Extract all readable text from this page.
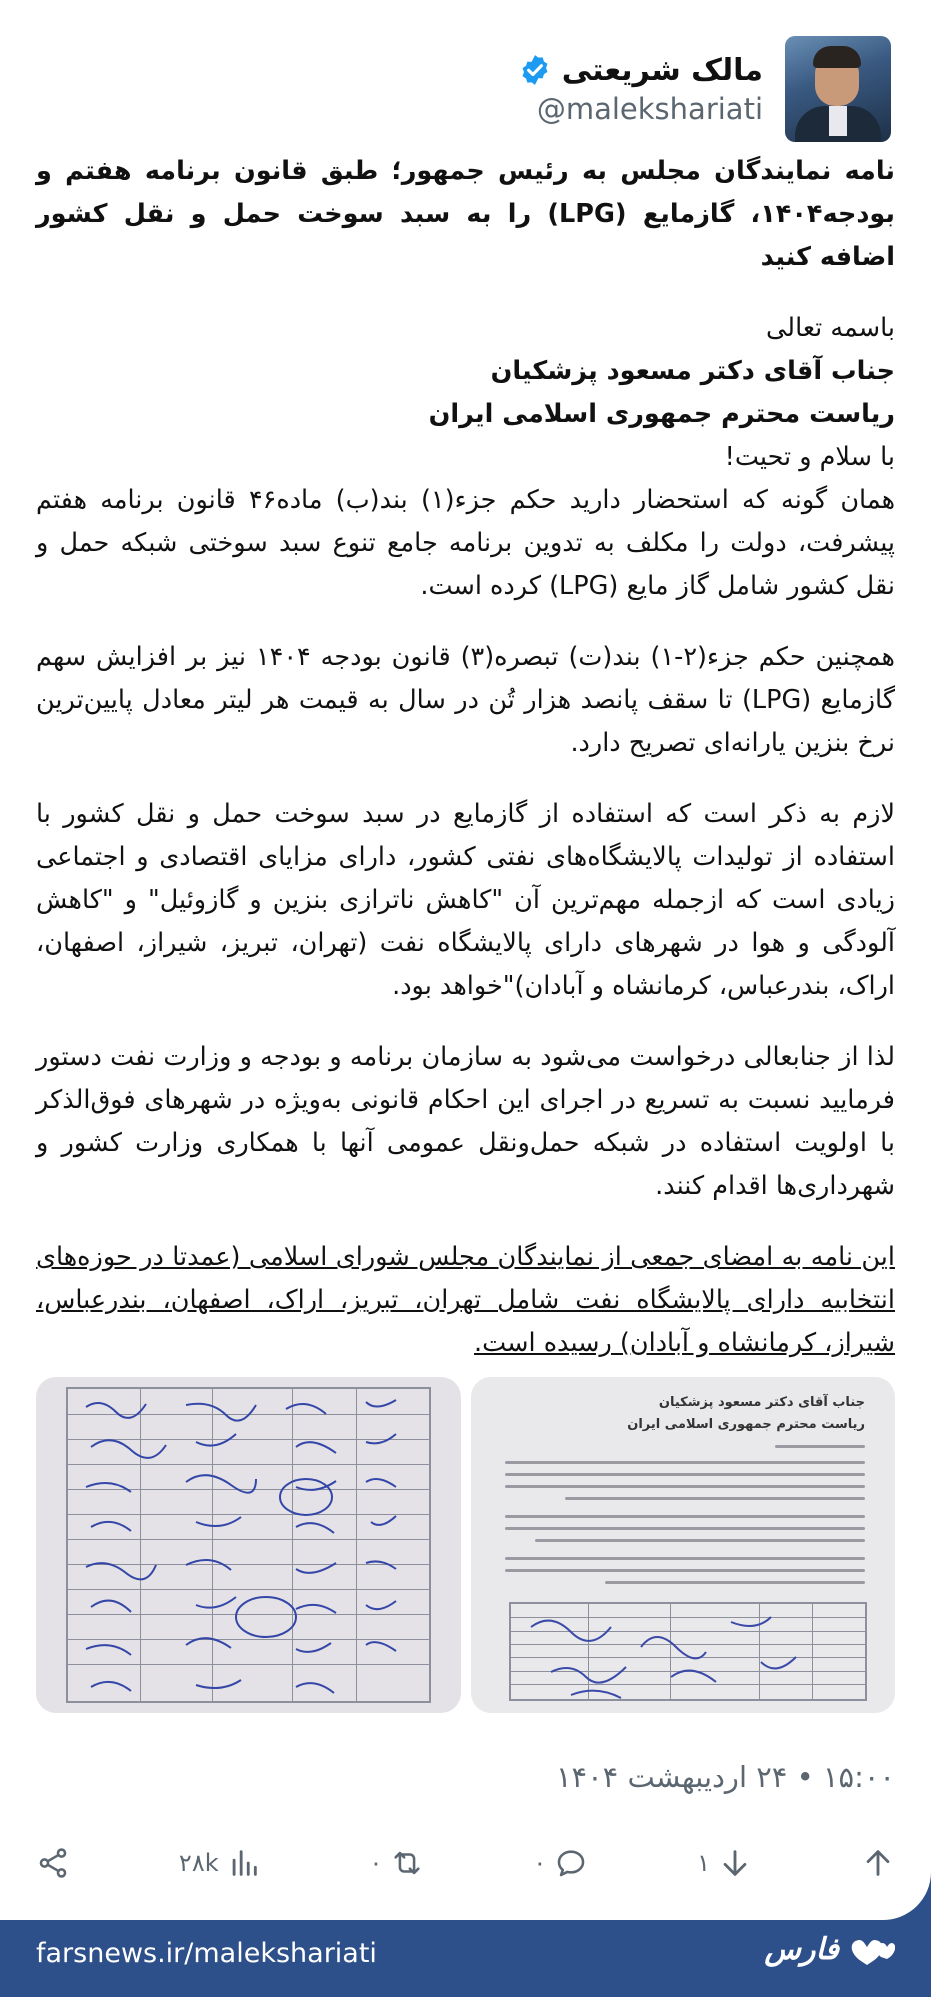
مالک شریعتی
@malekshariati
نامه نمایندگان مجلس به رئیس جمهور؛ طبق قانون برنامه هفتم و بودجه۱۴۰۴، گازمایع (LPG) را به سبد سوخت حمل و نقل کشور اضافه کنید
باسمه تعالی
جناب آقای دکتر مسعود پزشکیان
ریاست محترم جمهوری اسلامی ایران
با سلام و تحیت!
همان گونه که استحضار دارید حکم جزء(۱) بند(ب) ماده۴۶ قانون برنامه هفتم پیشرفت، دولت را مکلف به تدوین برنامه جامع تنوع سبد سوختی شبکه حمل و نقل کشور شامل گاز مایع (LPG) کرده است.
همچنین حکم جزء(۲-۱) بند(ت) تبصره(۳) قانون بودجه ۱۴۰۴ نیز بر افزایش سهم گازمایع (LPG) تا سقف پانصد هزار تُن در سال به قیمت هر لیتر معادل پایین‌ترین نرخ بنزین یارانه‌ای تصریح دارد.
لازم به ذکر است که استفاده از گازمایع در سبد سوخت حمل و نقل کشور با استفاده از تولیدات پالایشگاه‌های نفتی کشور، دارای مزایای اقتصادی و اجتماعی زیادی است که ازجمله مهم‌ترین آن "کاهش ناترازی بنزین و گازوئیل" و "کاهش آلودگی و هوا در شهرهای دارای پالایشگاه نفت (تهران، تبریز، شیراز، اصفهان، اراک، بندرعباس، کرمانشاه و آبادان)"خواهد بود.
لذا از جنابعالی درخواست می‌شود به سازمان برنامه و بودجه و وزارت نفت دستور فرمایید نسبت به تسریع در اجرای این احکام قانونی به‌ویژه در شهرهای فوق‌الذکر با اولویت استفاده در شبکه حمل‌ونقل عمومی آنها با همکاری وزارت کشور و شهرداری‌ها اقدام کنند.
این نامه به امضای جمعی از نمایندگان مجلس شورای اسلامی (عمدتا در حوزه‌های انتخابیه دارای پالایشگاه نفت شامل تهران، تبریز، اراک، اصفهان، بندرعباس، شیراز، کرمانشاه و آبادان) رسیده است.
جناب آقای دکتر مسعود پزشکیان
ریاست محترم جمهوری اسلامی ایران
۱۵:۰۰ • ۲۴ اردیبهشت ۱۴۰۴
۲۸k	۰	۰	۱
farsnews.ir/malekshariati	فارس
